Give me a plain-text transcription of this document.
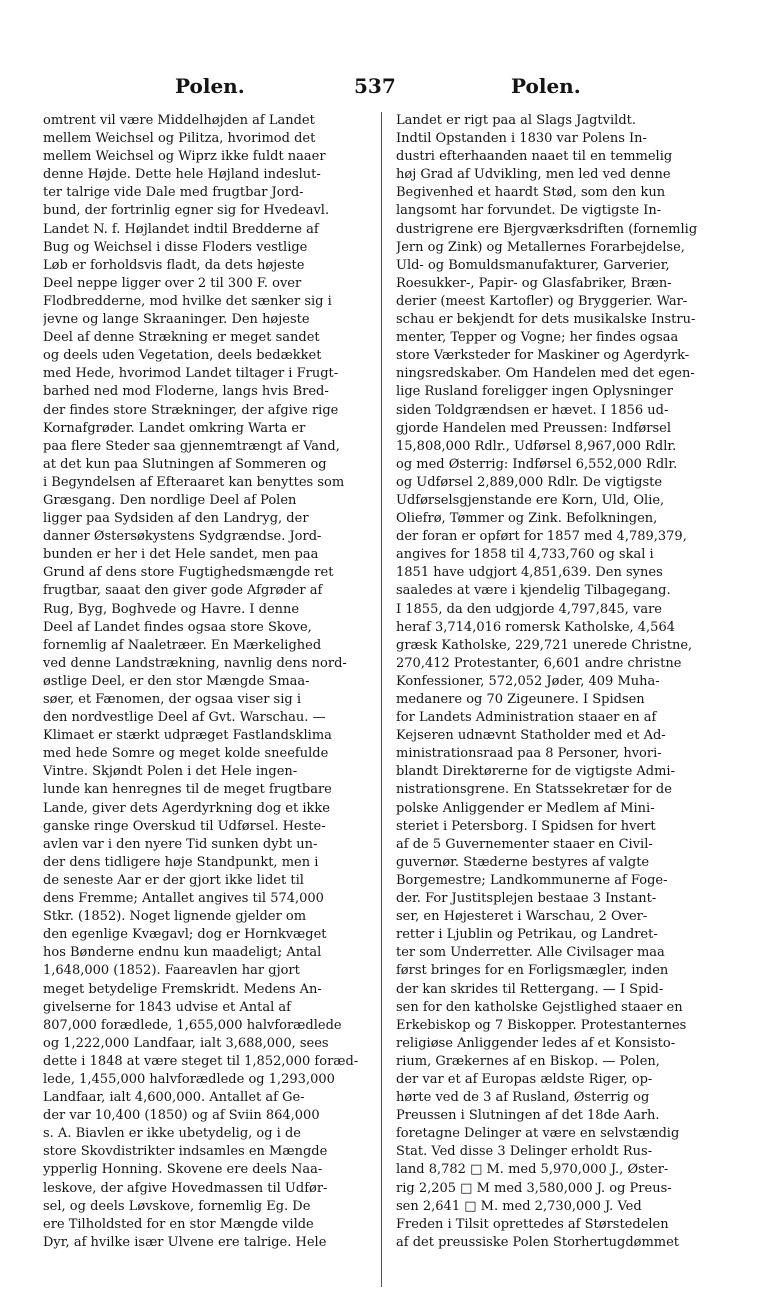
Polen.	537	Polen.
omtrent vil være Middelhøjden af Landet
mellem Weichsel og Pilitza, hvorimod det
mellem Weichsel og Wiprz ikke fuldt naaer
denne Højde. Dette hele Højland indeslut-
ter talrige vide Dale med frugtbar Jord-
bund, der fortrinlig egner sig for Hvedeavl.
Landet N. f. Højlandet indtil Bredderne af
Bug og Weichsel i disse Floders vestlige
Løb er forholdsvis fladt, da dets højeste
Deel neppe ligger over 2 til 300 F. over
Flodbredderne, mod hvilke det sænker sig i
jevne og lange Skraaninger. Den højeste
Deel af denne Strækning er meget sandet
og deels uden Vegetation, deels bedækket
med Hede, hvorimod Landet tiltager i Frugt-
barhed ned mod Floderne, langs hvis Bred-
der findes store Strækninger, der afgive rige
Kornafgrøder. Landet omkring Warta er
paa flere Steder saa gjennemtrængt af Vand,
at det kun paa Slutningen af Sommeren og
i Begyndelsen af Efteraaret kan benyttes som
Græsgang. Den nordlige Deel af Polen
ligger paa Sydsiden af den Landryg, der
danner Østersøkystens Sydgrændse. Jord-
bunden er her i det Hele sandet, men paa
Grund af dens store Fugtighedsmængde ret
frugtbar, saaat den giver gode Afgrøder af
Rug, Byg, Boghvede og Havre. I denne
Deel af Landet findes ogsaa store Skove,
fornemlig af Naaletræer. En Mærkelighed
ved denne Landstrækning, navnlig dens nord-
østlige Deel, er den stor Mængde Smaa-
søer, et Fænomen, der ogsaa viser sig i
den nordvestlige Deel af Gvt. Warschau. —
Klimaet er stærkt udpræget Fastlandsklima
med hede Somre og meget kolde sneefulde
Vintre. Skjøndt Polen i det Hele ingen-
lunde kan henregnes til de meget frugtbare
Lande, giver dets Agerdyrkning dog et ikke
ganske ringe Overskud til Udførsel. Heste-
avlen var i den nyere Tid sunken dybt un-
der dens tidligere høje Standpunkt, men i
de seneste Aar er der gjort ikke lidet til
dens Fremme; Antallet angives til 574,000
Stkr. (1852). Noget lignende gjelder om
den egenlige Kvægavl; dog er Hornkvæget
hos Bønderne endnu kun maadeligt; Antal
1,648,000 (1852). Faareavlen har gjort
meget betydelige Fremskridt. Medens An-
givelserne for 1843 udvise et Antal af
807,000 forædlede, 1,655,000 halvforædlede
og 1,222,000 Landfaar, ialt 3,688,000, sees
dette i 1848 at være steget til 1,852,000 foræd-
lede, 1,455,000 halvforædlede og 1,293,000
Landfaar, ialt 4,600,000. Antallet af Ge-
der var 10,400 (1850) og af Sviin 864,000
s. A. Biavlen er ikke ubetydelig, og i de
store Skovdistrikter indsamles en Mængde
ypperlig Honning. Skovene ere deels Naa-
leskove, der afgive Hovedmassen til Udfør-
sel, og deels Løvskove, fornemlig Eg. De
ere Tilholdsted for en stor Mængde vilde
Dyr, af hvilke især Ulvene ere talrige. Hele
Landet er rigt paa al Slags Jagtvildt.
Indtil Opstanden i 1830 var Polens In-
dustri efterhaanden naaet til en temmelig
høj Grad af Udvikling, men led ved denne
Begivenhed et haardt Stød, som den kun
langsomt har forvundet. De vigtigste In-
dustrigrene ere Bjergværksdriften (fornemlig
Jern og Zink) og Metallernes Forarbejdelse,
Uld- og Bomuldsmanufakturer, Garverier,
Roesukker-, Papir- og Glasfabriker, Bræn-
derier (meest Kartofler) og Bryggerier. War-
schau er bekjendt for dets musikalske Instru-
menter, Tepper og Vogne; her findes ogsaa
store Værksteder for Maskiner og Agerdyrk-
ningsredskaber. Om Handelen med det egen-
lige Rusland foreligger ingen Oplysninger
siden Toldgrændsen er hævet. I 1856 ud-
gjorde Handelen med Preussen: Indførsel
15,808,000 Rdlr., Udførsel 8,967,000 Rdlr.
og med Østerrig: Indførsel 6,552,000 Rdlr.
og Udførsel 2,889,000 Rdlr. De vigtigste
Udførselsgjenstande ere Korn, Uld, Olie,
Oliefrø, Tømmer og Zink. Befolkningen,
der foran er opført for 1857 med 4,789,379,
angives for 1858 til 4,733,760 og skal i
1851 have udgjort 4,851,639. Den synes
saaledes at være i kjendelig Tilbagegang.
I 1855, da den udgjorde 4,797,845, vare
heraf 3,714,016 romersk Katholske, 4,564
græsk Katholske, 229,721 unerede Christne,
270,412 Protestanter, 6,601 andre christne
Konfessioner, 572,052 Jøder, 409 Muha-
medanere og 70 Zigeunere. I Spidsen
for Landets Administration staaer en af
Kejseren udnævnt Statholder med et Ad-
ministrationsraad paa 8 Personer, hvori-
blandt Direktørerne for de vigtigste Admi-
nistrationsgrene. En Statssekretær for de
polske Anliggender er Medlem af Mini-
steriet i Petersborg. I Spidsen for hvert
af de 5 Guvernementer staaer en Civil-
guvernør. Stæderne bestyres af valgte
Borgemestre; Landkommunerne af Foge-
der. For Justitsplejen bestaae 3 Instant-
ser, en Højesteret i Warschau, 2 Over-
retter i Ljublin og Petrikau, og Landret-
ter som Underretter. Alle Civilsager maa
først bringes for en Forligsmægler, inden
der kan skrides til Rettergang. — I Spid-
sen for den katholske Gejstlighed staaer en
Erkebiskop og 7 Biskopper. Protestanternes
religiøse Anliggender ledes af et Konsisto-
rium, Grækernes af en Biskop. — Polen,
der var et af Europas ældste Riger, op-
hørte ved de 3 af Rusland, Østerrig og
Preussen i Slutningen af det 18de Aarh.
foretagne Delinger at være en selvstændig
Stat. Ved disse 3 Delinger erholdt Rus-
land 8,782 □ M. med 5,970,000 J., Øster-
rig 2,205 □ M med 3,580,000 J. og Preus-
sen 2,641 □ M. med 2,730,000 J. Ved
Freden i Tilsit oprettedes af Størstedelen
af det preussiske Polen Storhertugdømmet
